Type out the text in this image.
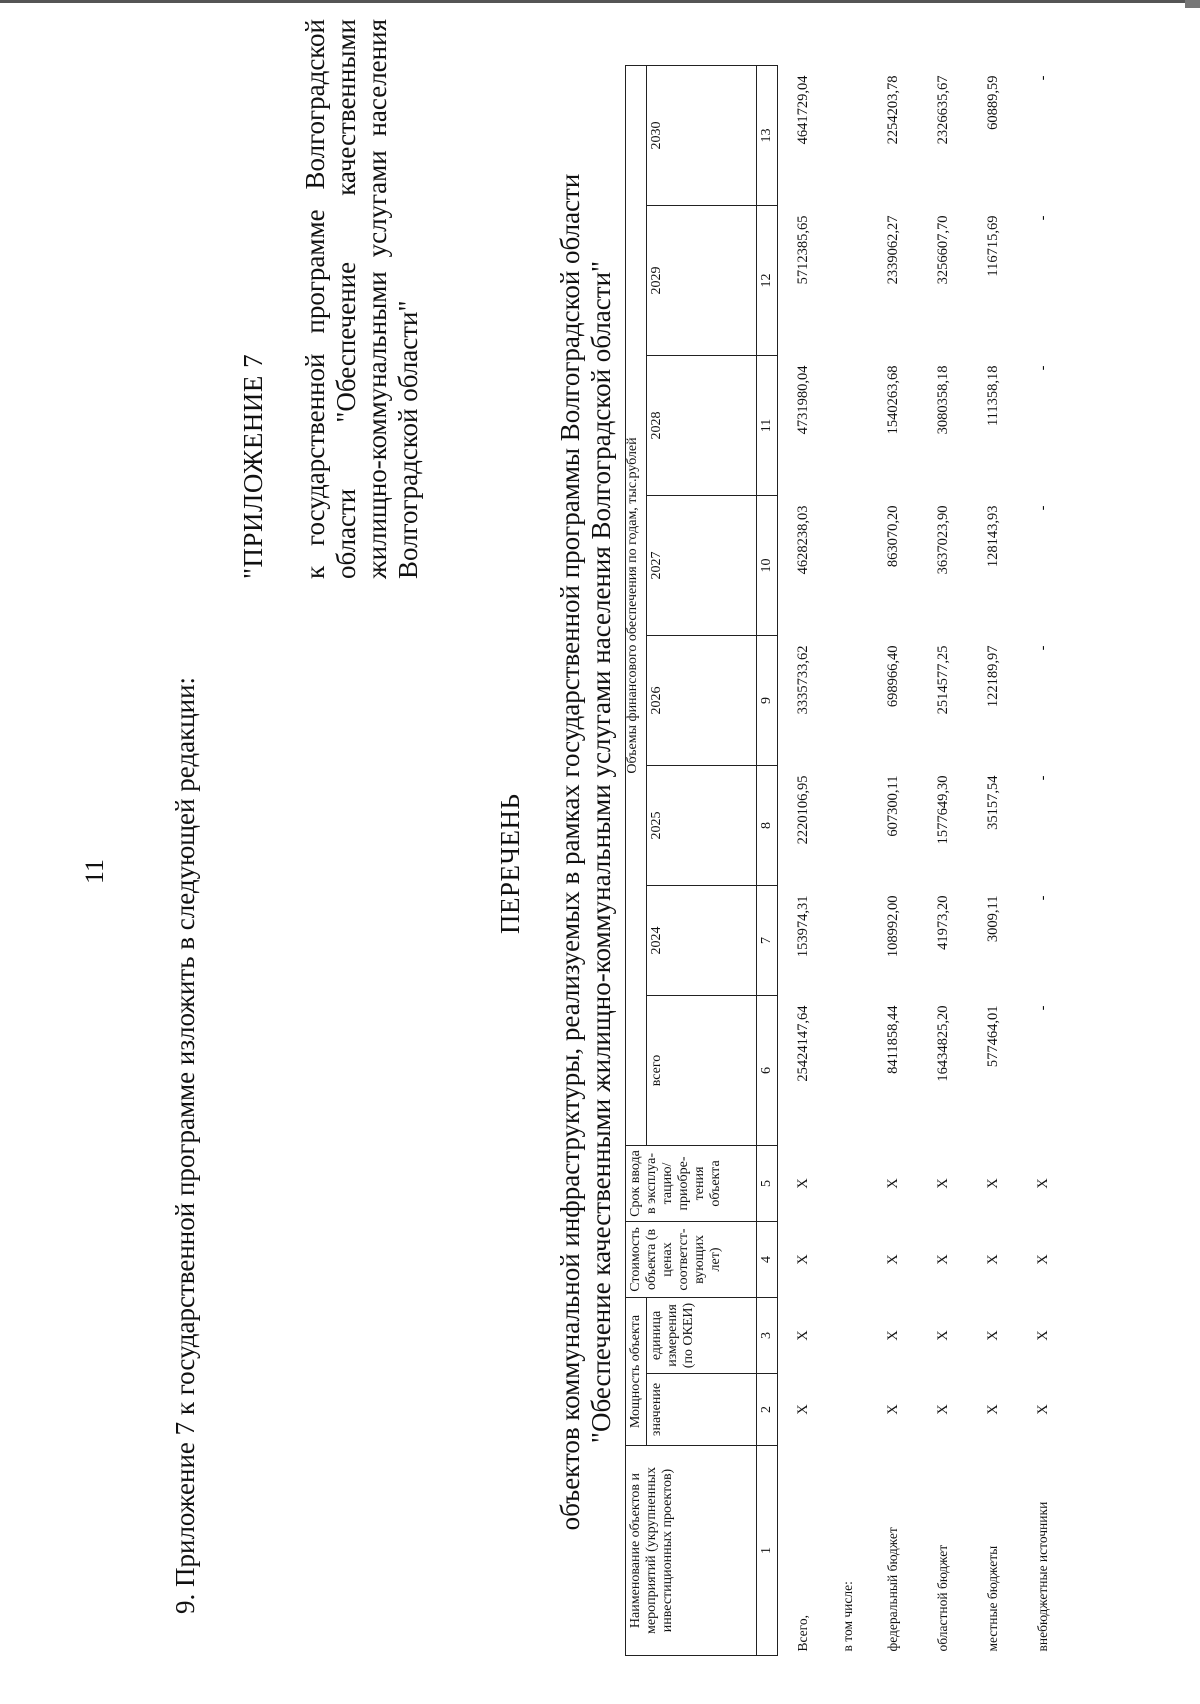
11 9. Приложение 7 к государственной программе изложить в следующей редакции:
"ПРИЛОЖЕНИЕ 7 к государственной программе Волгоградской области "Обеспечение качественными жилищно-коммунальными услугами населения Волгоградской области"
ПЕРЕЧЕНЬ объектов коммунальной инфраструктуры, реализуемых в рамках государственной программы Волгоградской области "Обеспечение качественными жилищно-коммунальными услугами населения Волгоградской области"
Наименование объектов и мероприятий (укрупненных инвестиционных проектов)	Мощность объекта		Стоимость объекта (в ценах соответст-вующих лет)	Срок ввода в эксплуа-тацию/ приобре-тения объекта	Объемы финансового обеспечения по годам, тыс.рублей							
	значение	единица измерения (по ОКЕИ)			всего	2024	2025	2026	2027	2028	2029	2030
1	2	3	4	5	6	7	8	9	10	11	12	13
Всего,	X	X	X	X	25424147,64	153974,31	2220106,95	3335733,62	4628238,03	4731980,04	5712385,65	4641729,04
в том числе:												
федеральный бюджет	X	X	X	X	8411858,44	108992,00	607300,11	698966,40	863070,20	1540263,68	2339062,27	2254203,78
областной бюджет	X	X	X	X	16434825,20	41973,20	1577649,30	2514577,25	3637023,90	3080358,18	3256607,70	2326635,67
местные бюджеты	X	X	X	X	577464,01	3009,11	35157,54	122189,97	128143,93	111358,18	116715,69	60889,59
внебюджетные источники	X	X	X	X	-	-	-	-	-	-	-	-
